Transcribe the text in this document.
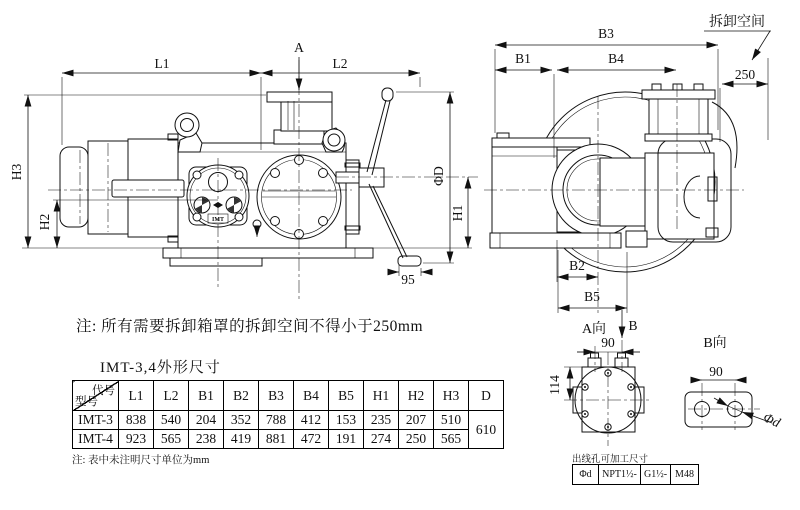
IMT
L1	L2
A
H3
H2
ΦD
H1
95
B3
B1	B4
250
B2
B5
B
拆卸空间
A向
90
114
B向
90
Φd
注: 所有需要拆卸箱罩的拆卸空间不得小于250mm
IMT-3,4外形尺寸
代号
型号	L1	L2	B1	B2	B3	B4	B5	H1	H2	H3	D
IMT-3	838	540	204	352	788	412	153	235	207	510	610
IMT-4	923	565	238	419	881	472	191	274	250	565	
注: 表中未注明尺寸单位为mm	出线孔可加工尺寸
Φd	NPT1½-	G1½-	M48
